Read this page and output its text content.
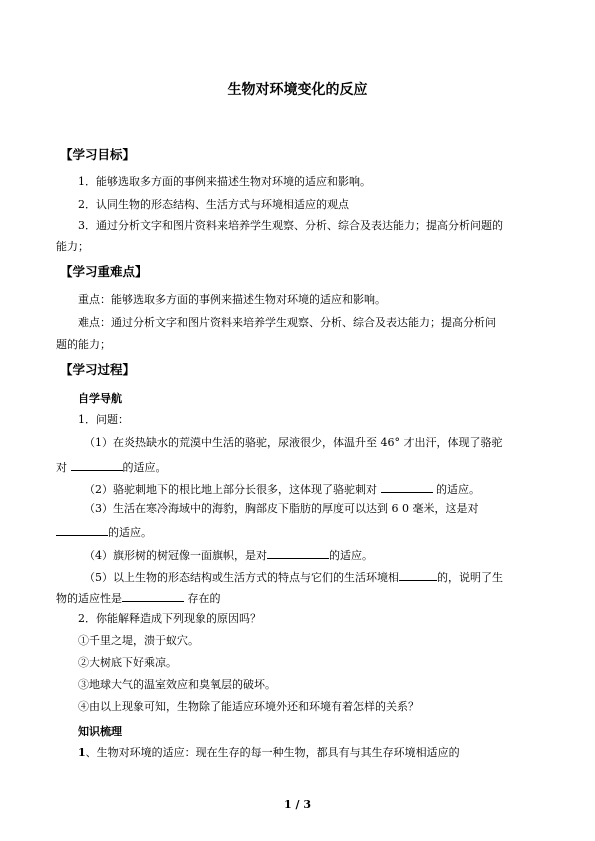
生物对环境变化的反应
【学习目标】
1．能够选取多方面的事例来描述生物对环境的适应和影响。
2．认同生物的形态结构、生活方式与环境相适应的观点
3．通过分析文字和图片资料来培养学生观察、分析、综合及表达能力；提高分析问题的
能力；
【学习重难点】
重点：能够选取多方面的事例来描述生物对环境的适应和影响。
难点：通过分析文字和图片资料来培养学生观察、分析、综合及表达能力；提高分析问
题的能力；
【学习过程】
自学导航
1．问题：
（1）在炎热缺水的荒漠中生活的骆驼，尿液很少，体温升至 46° 才出汗，体现了骆驼
对	的适应。
（2）骆驼刺地下的根比地上部分长很多，这体现了骆驼刺对	的适应。
（3）生活在寒冷海域中的海豹，胸部皮下脂肪的厚度可以达到 6 0 毫米，这是对
的适应。
（4）旗形树的树冠像一面旗帜，是对	的适应。
（5）以上生物的形态结构或生活方式的特点与它们的生活环境相	的，说明了生
物的适应性是	存在的
2．你能解释造成下列现象的原因吗？
①千里之堤，溃于蚁穴。
②大树底下好乘凉。
③地球大气的温室效应和臭氧层的破坏。
④由以上现象可知，生物除了能适应环境外还和环境有着怎样的关系？
知识梳理
1、生物对环境的适应：现在生存的每一种生物，都具有与其生存环境相适应的
1 / 3
